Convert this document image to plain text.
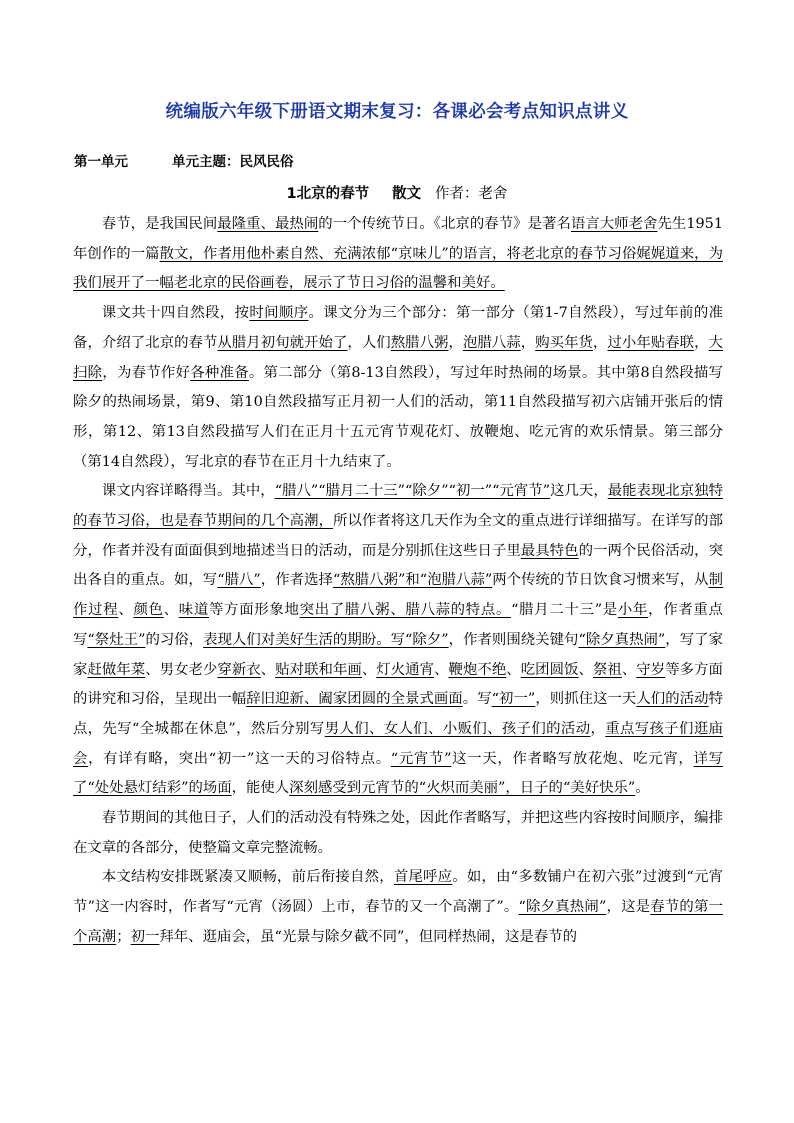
统编版六年级下册语文期末复习：各课必会考点知识点讲义
第一单元	单元主题：民风民俗
1北京的春节 散文 作者：老舍

春节，是我国民间最隆重、最热闹的一个传统节日。《北京的春节》是著名语言大师老舍先生1951年创作的一篇散文，作者用他朴素自然、充满浓郁“京味儿”的语言，将老北京的春节习俗娓娓道来，为我们展开了一幅老北京的民俗画卷，展示了节日习俗的温馨和美好。

课文共十四自然段，按时间顺序。课文分为三个部分：第一部分（第1-7自然段），写过年前的准备，介绍了北京的春节从腊月初旬就开始了，人们熬腊八粥，泡腊八蒜，购买年货，过小年贴春联，大扫除，为春节作好各种准备。第二部分（第8-13自然段），写过年时热闹的场景。其中第8自然段描写除夕的热闹场景，第9、第10自然段描写正月初一人们的活动，第11自然段描写初六店铺开张后的情形，第12、第13自然段描写人们在正月十五元宵节观花灯、放鞭炮、吃元宵的欢乐情景。第三部分（第14自然段），写北京的春节在正月十九结束了。

课文内容详略得当。其中，“腊八”“腊月二十三”“除夕”“初一”“元宵节”这几天，最能表现北京独特的春节习俗，也是春节期间的几个高潮，所以作者将这几天作为全文的重点进行详细描写。在详写的部分，作者并没有面面俱到地描述当日的活动，而是分别抓住这些日子里最具特色的一两个民俗活动，突出各自的重点。如，写“腊八”，作者选择“熬腊八粥”和“泡腊八蒜”两个传统的节日饮食习惯来写，从制作过程、颜色、味道等方面形象地突出了腊八粥、腊八蒜的特点。“腊月二十三”是小年，作者重点写“祭灶王”的习俗，表现人们对美好生活的期盼。写“除夕”，作者则围绕关键句“除夕真热闹”，写了家家赶做年菜、男女老少穿新衣、贴对联和年画、灯火通宵、鞭炮不绝、吃团圆饭、祭祖、守岁等多方面的讲究和习俗，呈现出一幅辞旧迎新、阖家团圆的全景式画面。写“初一”，则抓住这一天人们的活动特点，先写“全城都在休息”，然后分别写男人们、女人们、小贩们、孩子们的活动，重点写孩子们逛庙会，有详有略，突出“初一”这一天的习俗特点。“元宵节”这一天，作者略写放花炮、吃元宵，详写了“处处悬灯结彩”的场面，能使人深刻感受到元宵节的“火炽而美丽”，日子的“美好快乐”。

春节期间的其他日子，人们的活动没有特殊之处，因此作者略写，并把这些内容按时间顺序，编排在文章的各部分，使整篇文章完整流畅。

本文结构安排既紧凑又顺畅，前后衔接自然，首尾呼应。如，由“多数铺户在初六张”过渡到“元宵节”这一内容时，作者写“元宵（汤圆）上市，春节的又一个高潮了”。“除夕真热闹”，这是春节的第一个高潮；初一拜年、逛庙会，虽“光景与除夕截不同”，但同样热闹，这是春节的
